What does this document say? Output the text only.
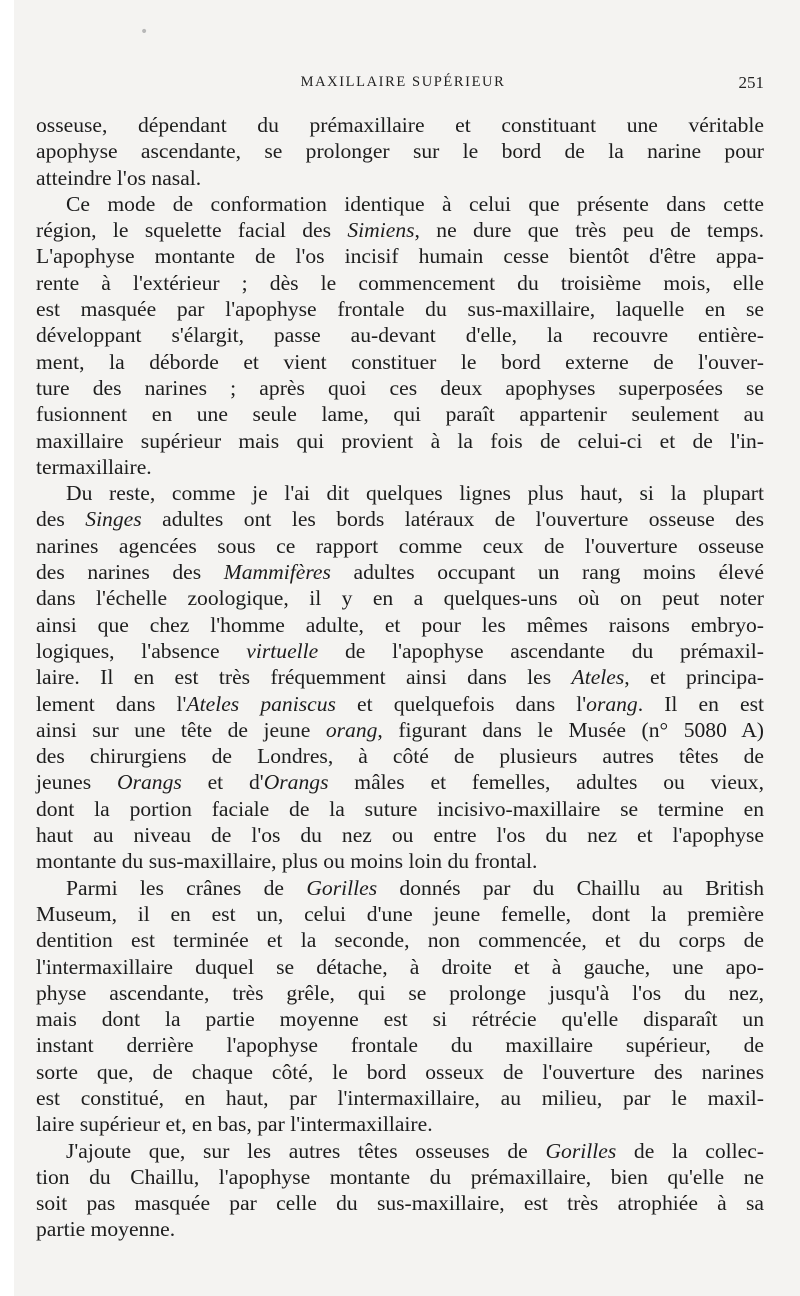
•
MAXILLAIRE SUPÉRIEUR	251

osseuse, dépendant du prémaxillaire et constituant une véritable

apophyse ascendante, se prolonger sur le bord de la narine pour

atteindre l'os nasal.

Ce mode de conformation identique à celui que présente dans cette

région, le squelette facial des Simiens, ne dure que très peu de temps.

L'apophyse montante de l'os incisif humain cesse bientôt d'être appa-

rente à l'extérieur ; dès le commencement du troisième mois, elle

est masquée par l'apophyse frontale du sus-maxillaire, laquelle en se

développant s'élargit, passe au-devant d'elle, la recouvre entière-

ment, la déborde et vient constituer le bord externe de l'ouver-

ture des narines ; après quoi ces deux apophyses superposées se

fusionnent en une seule lame, qui paraît appartenir seulement au

maxillaire supérieur mais qui provient à la fois de celui-ci et de l'in-

termaxillaire.

Du reste, comme je l'ai dit quelques lignes plus haut, si la plupart

des Singes adultes ont les bords latéraux de l'ouverture osseuse des

narines agencées sous ce rapport comme ceux de l'ouverture osseuse

des narines des Mammifères adultes occupant un rang moins élevé

dans l'échelle zoologique, il y en a quelques-uns où on peut noter

ainsi que chez l'homme adulte, et pour les mêmes raisons embryo-

logiques, l'absence virtuelle de l'apophyse ascendante du prémaxil-

laire. Il en est très fréquemment ainsi dans les Ateles, et principa-

lement dans l'Ateles paniscus et quelquefois dans l'orang. Il en est

ainsi sur une tête de jeune orang, figurant dans le Musée (n° 5080 A)

des chirurgiens de Londres, à côté de plusieurs autres têtes de

jeunes Orangs et d'Orangs mâles et femelles, adultes ou vieux,

dont la portion faciale de la suture incisivo-maxillaire se termine en

haut au niveau de l'os du nez ou entre l'os du nez et l'apophyse

montante du sus-maxillaire, plus ou moins loin du frontal.

Parmi les crânes de Gorilles donnés par du Chaillu au British

Museum, il en est un, celui d'une jeune femelle, dont la première

dentition est terminée et la seconde, non commencée, et du corps de

l'intermaxillaire duquel se détache, à droite et à gauche, une apo-

physe ascendante, très grêle, qui se prolonge jusqu'à l'os du nez,

mais dont la partie moyenne est si rétrécie qu'elle disparaît un

instant derrière l'apophyse frontale du maxillaire supérieur, de

sorte que, de chaque côté, le bord osseux de l'ouverture des narines

est constitué, en haut, par l'intermaxillaire, au milieu, par le maxil-

laire supérieur et, en bas, par l'intermaxillaire.

J'ajoute que, sur les autres têtes osseuses de Gorilles de la collec-

tion du Chaillu, l'apophyse montante du prémaxillaire, bien qu'elle ne

soit pas masquée par celle du sus-maxillaire, est très atrophiée à sa

partie moyenne.
